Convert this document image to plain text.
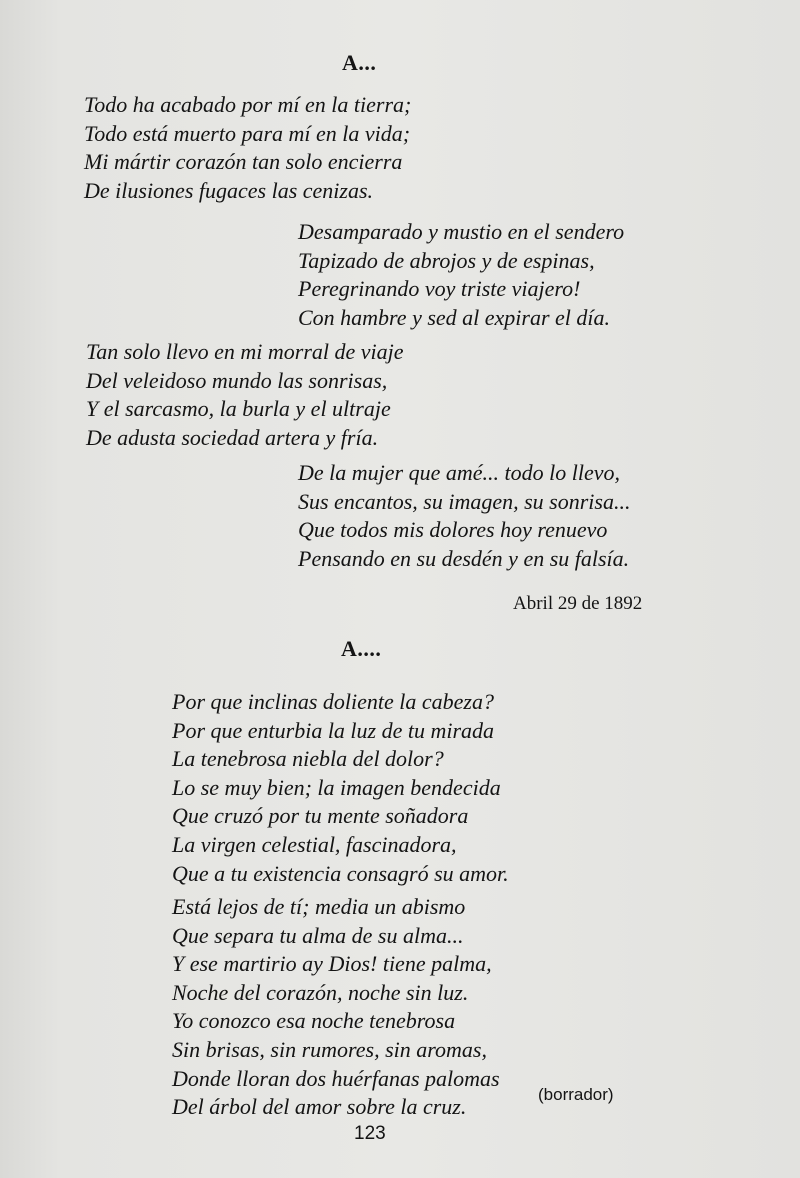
A...
Todo ha acabado por mí en la tierra;
Todo está muerto para mí en la vida;
Mi mártir corazón tan solo encierra
De ilusiones fugaces las cenizas.
Desamparado y mustio en el sendero
Tapizado de abrojos y de espinas,
Peregrinando voy triste viajero!
Con hambre y sed al expirar el día.
Tan solo llevo en mi morral de viaje
Del veleidoso mundo las sonrisas,
Y el sarcasmo, la burla y el ultraje
De adusta sociedad artera y fría.
De la mujer que amé... todo lo llevo,
Sus encantos, su imagen, su sonrisa...
Que todos mis dolores hoy renuevo
Pensando en su desdén y en su falsía.
Abril 29 de 1892
A....
Por que inclinas doliente la cabeza?
Por que enturbia la luz de tu mirada
La tenebrosa niebla del dolor?
Lo se muy bien; la imagen bendecida
Que cruzó por tu mente soñadora
La virgen celestial, fascinadora,
Que a tu existencia consagró su amor.
Está lejos de tí; media un abismo
Que separa tu alma de su alma...
Y ese martirio ay Dios! tiene palma,
Noche del corazón, noche sin luz.
Yo conozco esa noche tenebrosa
Sin brisas, sin rumores, sin aromas,
Donde lloran dos huérfanas palomas
Del árbol del amor sobre la cruz.	(borrador)
123
